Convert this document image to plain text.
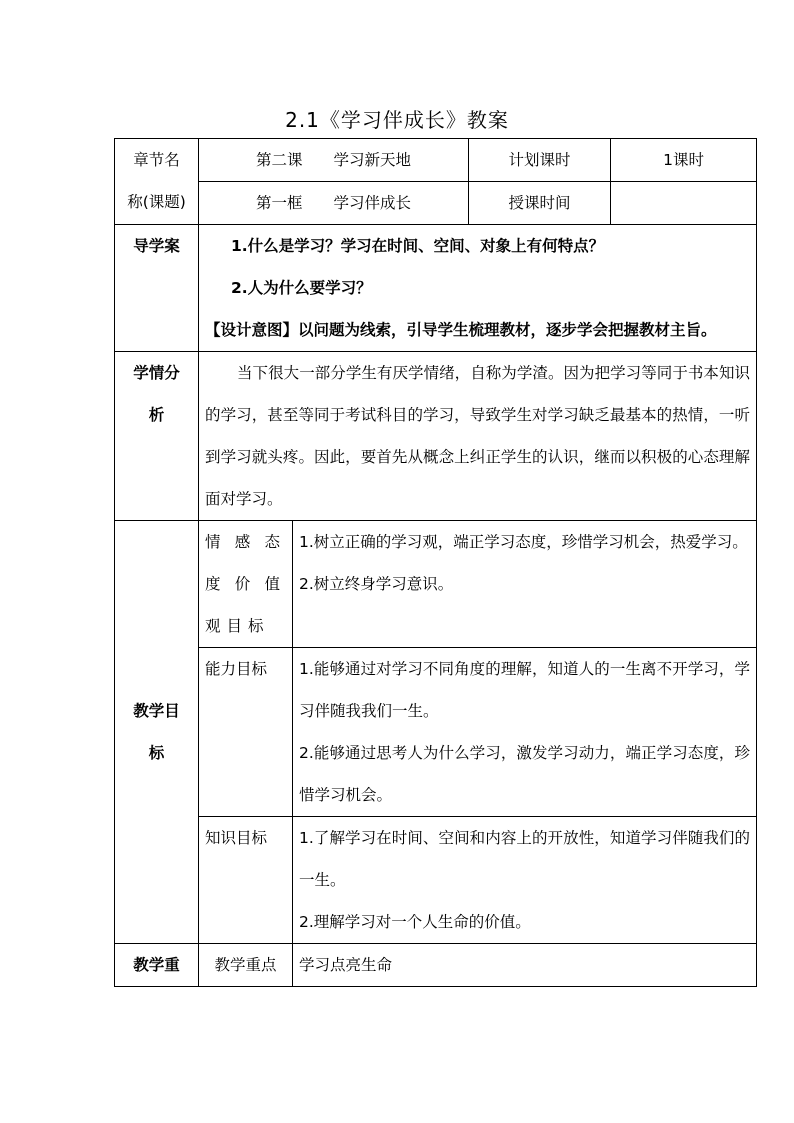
2.1《学习伴成长》教案
章节名
称(课题)	第二课　　学习新天地		计划课时	1课时
	第一框　　学习伴成长		授课时间	
导学案	1.什么是学习？学习在时间、空间、对象上有何特点？
2.人为什么要学习？
【设计意图】以问题为线索，引导学生梳理教材，逐步学会把握教材主旨。			

学情分
析	当下很大一部分学生有厌学情绪，自称为学渣。因为把学习等同于书本知识的学习，甚至等同于考试科目的学习，导致学生对学习缺乏最基本的热情，一听到学习就头疼。因此，要首先从概念上纠正学生的认识，继而以积极的心态理解面对学习。			

教学目
标	情感态度价值观目标	1.树立正确的学习观，端正学习态度，珍惜学习机会，热爱学习。
2.树立终身学习意识。		

	能力目标	1.能够通过对学习不同角度的理解，知道人的一生离不开学习，学习伴随我我们一生。
2.能够通过思考人为什么学习，激发学习动力，端正学习态度，珍惜学习机会。		

	知识目标	1.了解学习在时间、空间和内容上的开放性，知道学习伴随我们的一生。
2.理解学习对一个人生命的价值。		

教学重	教学重点	学习点亮生命		
